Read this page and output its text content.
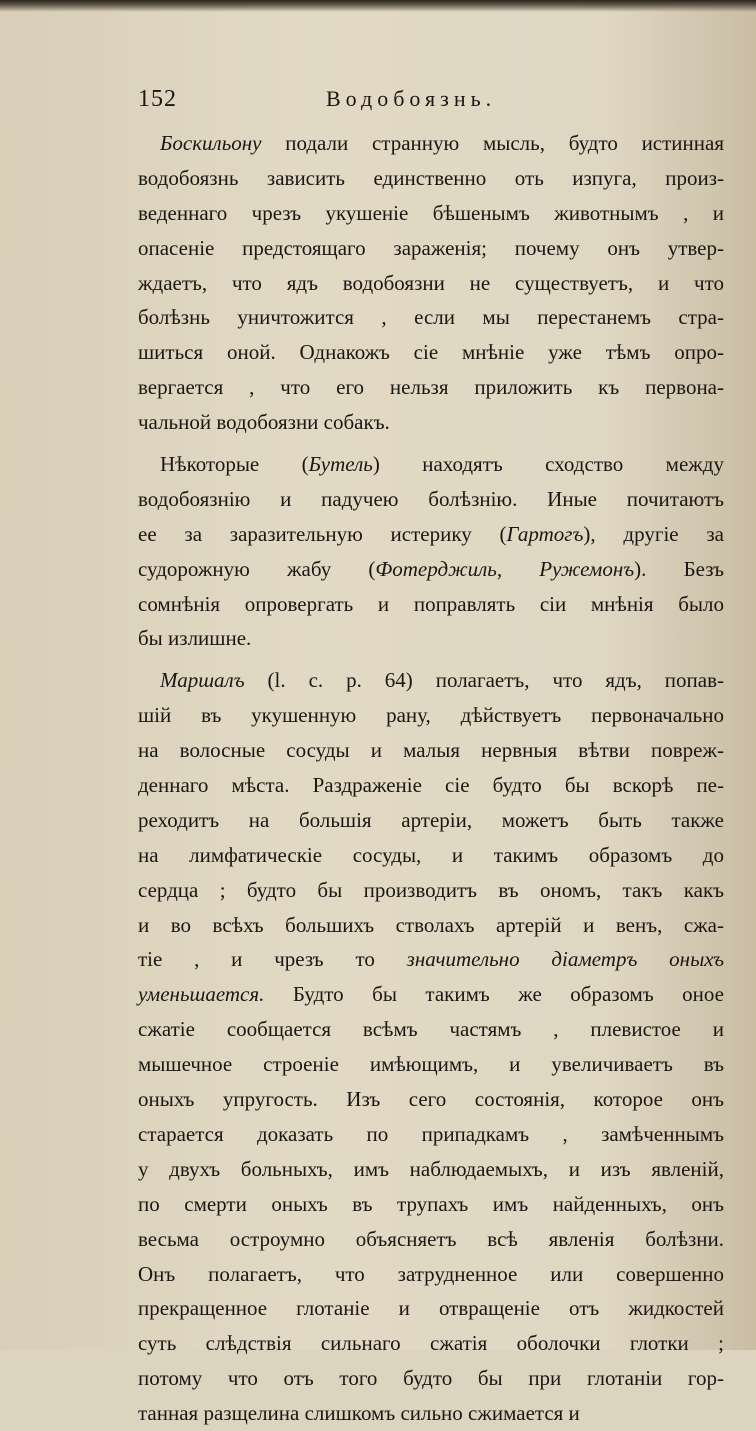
152	Водобоязнь.
Боскильону подали странную мысль, будто истинная
водобоязнь зависить единственно оть изпуга, произ-
веденнаго чрезъ укушеніе бѣшенымъ животнымъ , и
опасеніе предстоящаго зараженія; почему онъ утвер-
ждаетъ, что ядъ водобоязни не существуетъ, и что
болѣзнь уничтожится , если мы перестанемъ стра-
шиться оной. Однакожъ сіе мнѣніе уже тѣмъ опро-
вергается , что его нельзя приложить къ первона-
чальной водобоязни собакъ.
Нѣкоторые (Бутель) находятъ сходство между
водобоязнію и падучею болѣзнію. Иные почитаютъ
ее за заразительную истерику (Гартогъ), другіе за
судорожную жабу (Фотерджиль, Ружемонъ). Безъ
сомнѣнія опровергать и поправлять сіи мнѣнія было
бы излишне.
Маршалъ (l. c. p. 64) полагаетъ, что ядъ, попав-
шій въ укушенную рану, дѣйствуетъ первоначально
на волосные сосуды и малыя нервныя вѣтви повреж-
деннаго мѣста. Раздраженіе сіе будто бы вскорѣ пе-
реходитъ на большія артеріи, можетъ быть также
на лимфатическіе сосуды, и такимъ образомъ до
сердца ; будто бы производитъ въ ономъ, такъ какъ
и во всѣхъ большихъ стволахъ артерій и венъ, сжа-
тіе , и чрезъ то значительно діаметръ оныхъ
уменьшается. Будто бы такимъ же образомъ оное
сжатіе сообщается всѣмъ частямъ , плевистое и
мышечное строеніе имѣющимъ, и увеличиваетъ въ
оныхъ упругость. Изъ сего состоянія, которое онъ
старается доказать по припадкамъ , замѣченнымъ
у двухъ больныхъ, имъ наблюдаемыхъ, и изъ явленій,
по смерти оныхъ въ трупахъ имъ найденныхъ, онъ
весьма остроумно объясняетъ всѣ явленія болѣзни.
Онъ полагаетъ, что затрудненное или совершенно
прекращенное глотаніе и отвращеніе отъ жидкостей
суть слѣдствія сильнаго сжатія оболочки глотки ;
потому что отъ того будто бы при глотаніи гор-
танная разщелина слишкомъ сильно сжимается и
